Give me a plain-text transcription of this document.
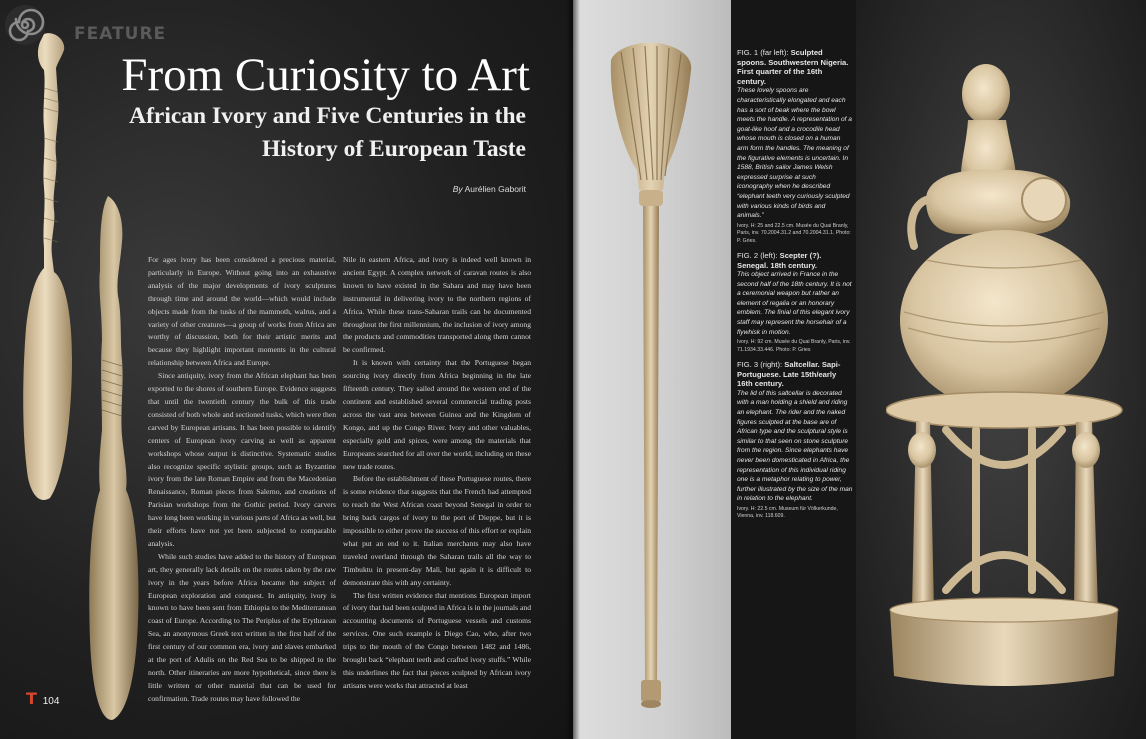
FEATURE
From Curiosity to Art
African Ivory and Five Centuries in the History of European Taste
By Aurélien Gaborit

For ages ivory has been considered a precious material, particularly in Europe. Without going into an exhaustive analysis of the major developments of ivory sculptures through time and around the world—which would include objects made from the tusks of the mammoth, walrus, and a variety of other creatures—a group of works from Africa are worthy of discussion, both for their artistic merits and because they highlight important moments in the cultural relationship between Africa and Europe.

Since antiquity, ivory from the African elephant has been exported to the shores of southern Europe. Evidence suggests that until the twentieth century the bulk of this trade consisted of both whole and sectioned tusks, which were then carved by European artisans. It has been possible to identify centers of European ivory carving as well as apparent workshops whose output is distinctive. Systematic studies also recognize specific stylistic groups, such as Byzantine ivory from the late Roman Empire and from the Macedonian Renaissance, Roman pieces from Salerno, and creations of Parisian workshops from the Gothic period. Ivory carvers have long been working in various parts of Africa as well, but their efforts have not yet been subjected to comparable analysis.

While such studies have added to the history of European art, they generally lack details on the routes taken by the raw ivory in the years before Africa became the subject of European exploration and conquest. In antiquity, ivory is known to have been sent from Ethiopia to the Mediterranean coast of Europe. According to The Periplus of the Erythraean Sea, an anonymous Greek text written in the first half of the first century of our common era, ivory and slaves embarked at the port of Adulis on the Red Sea to be shipped to the north. Other itineraries are more hypothetical, since there is little written or other material that can be used for confirmation. Trade routes may have followed the

Nile in eastern Africa, and ivory is indeed well known in ancient Egypt. A complex network of caravan routes is also known to have existed in the Sahara and may have been instrumental in delivering ivory to the northern regions of Africa. While these trans-Saharan trails can be documented throughout the first millennium, the inclusion of ivory among the products and commodities transported along them cannot be confirmed.

It is known with certainty that the Portuguese began sourcing ivory directly from Africa beginning in the late fifteenth century. They sailed around the western end of the continent and established several commercial trading posts across the vast area between Guinea and the Kingdom of Kongo, and up the Congo River. Ivory and other valuables, especially gold and spices, were among the materials that Europeans searched for all over the world, including on these new trade routes.

Before the establishment of these Portuguese routes, there is some evidence that suggests that the French had attempted to reach the West African coast beyond Senegal in order to bring back cargos of ivory to the port of Dieppe, but it is impossible to either prove the success of this effort or explain what put an end to it. Italian merchants may also have traveled overland through the Saharan trails all the way to Timbuktu in present-day Mali, but again it is difficult to demonstrate this with any certainty.

The first written evidence that mentions European import of ivory that had been sculpted in Africa is in the journals and accounting documents of Portuguese vessels and customs services. One such example is Diego Cao, who, after two trips to the mouth of the Congo between 1482 and 1486, brought back “elephant teeth and crafted ivory stuffs.” While this underlines the fact that pieces sculpted by African ivory artisans were works that attracted at least

T 104
FIG. 1 (far left): Sculpted spoons. Southwestern Nigeria. First quarter of the 16th century.
These lovely spoons are characteristically elongated and each has a sort of beak where the bowl meets the handle. A representation of a goat-like hoof and a crocodile head whose mouth is closed on a human arm form the handles. The meaning of the figurative elements is uncertain. In 1588, British sailor James Welsh expressed surprise at such iconography when he described “elephant teeth very curiously sculpted with various kinds of birds and animals.”
Ivory. H: 25 and 22.5 cm. Musée du Quai Branly, Paris, inv. 70.2004.31.2 and 70.2004.31.1. Photo: P. Gries.
FIG. 2 (left): Scepter (?). Senegal. 18th century.
This object arrived in France in the second half of the 18th century. It is not a ceremonial weapon but rather an element of regalia or an honorary emblem. The finial of this elegant ivory staff may represent the horsehair of a flywhisk in motion.
Ivory. H: 92 cm. Musée du Quai Branly, Paris, inv. 71.1934.33.446. Photo: P. Gries
FIG. 3 (right): Saltcellar. Sapi-Portuguese. Late 15th/early 16th century.
The lid of this saltcellar is decorated with a man holding a shield and riding an elephant. The rider and the naked figures sculpted at the base are of African type and the sculptural style is similar to that seen on stone sculpture from the region. Since elephants have never been domesticated in Africa, the representation of this individual riding one is a metaphor relating to power, further illustrated by the size of the man in relation to the elephant.
Ivory. H: 22.5 cm. Museum für Völkerkunde, Vienna, inv. 118.609.
